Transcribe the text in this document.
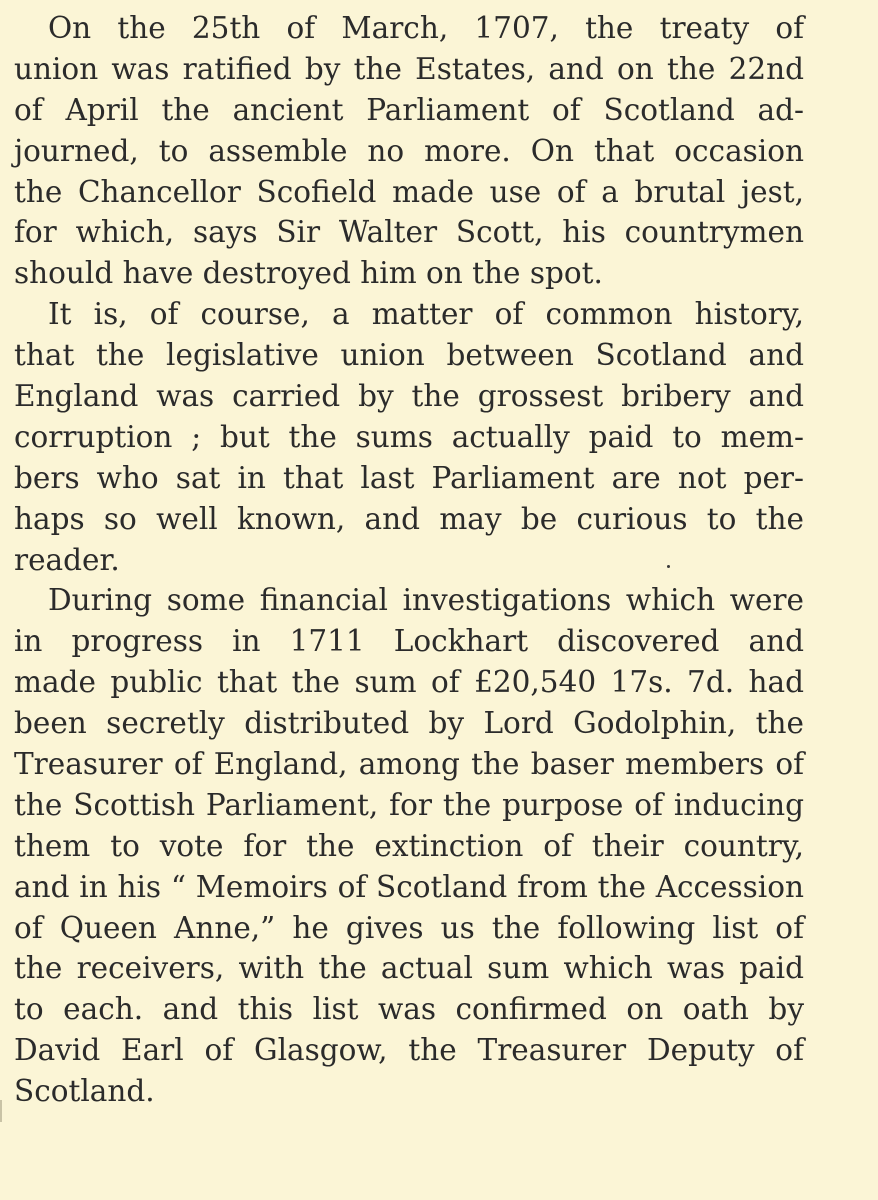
On the 25th of March, 1707, the treaty of
union was ratified by the Estates, and on the 22nd
of April the ancient Parliament of Scotland ad-
journed, to assemble no more. On that occasion
the Chancellor Scofield made use of a brutal jest,
for which, says Sir Walter Scott, his countrymen
should have destroyed him on the spot.
It is, of course, a matter of common history,
that the legislative union between Scotland and
England was carried by the grossest bribery and
corruption ; but the sums actually paid to mem-
bers who sat in that last Parliament are not per-
haps so well known, and may be curious to the
reader.
During some financial investigations which were
in progress in 1711 Lockhart discovered and
made public that the sum of £20,540 17s. 7d. had
been secretly distributed by Lord Godolphin, the
Treasurer of England, among the baser members of
the Scottish Parliament, for the purpose of inducing
them to vote for the extinction of their country,
and in his “ Memoirs of Scotland from the Accession
of Queen Anne,” he gives us the following list of
the receivers, with the actual sum which was paid
to each. and this list was confirmed on oath by
David Earl of Glasgow, the Treasurer Deputy of
Scotland.
